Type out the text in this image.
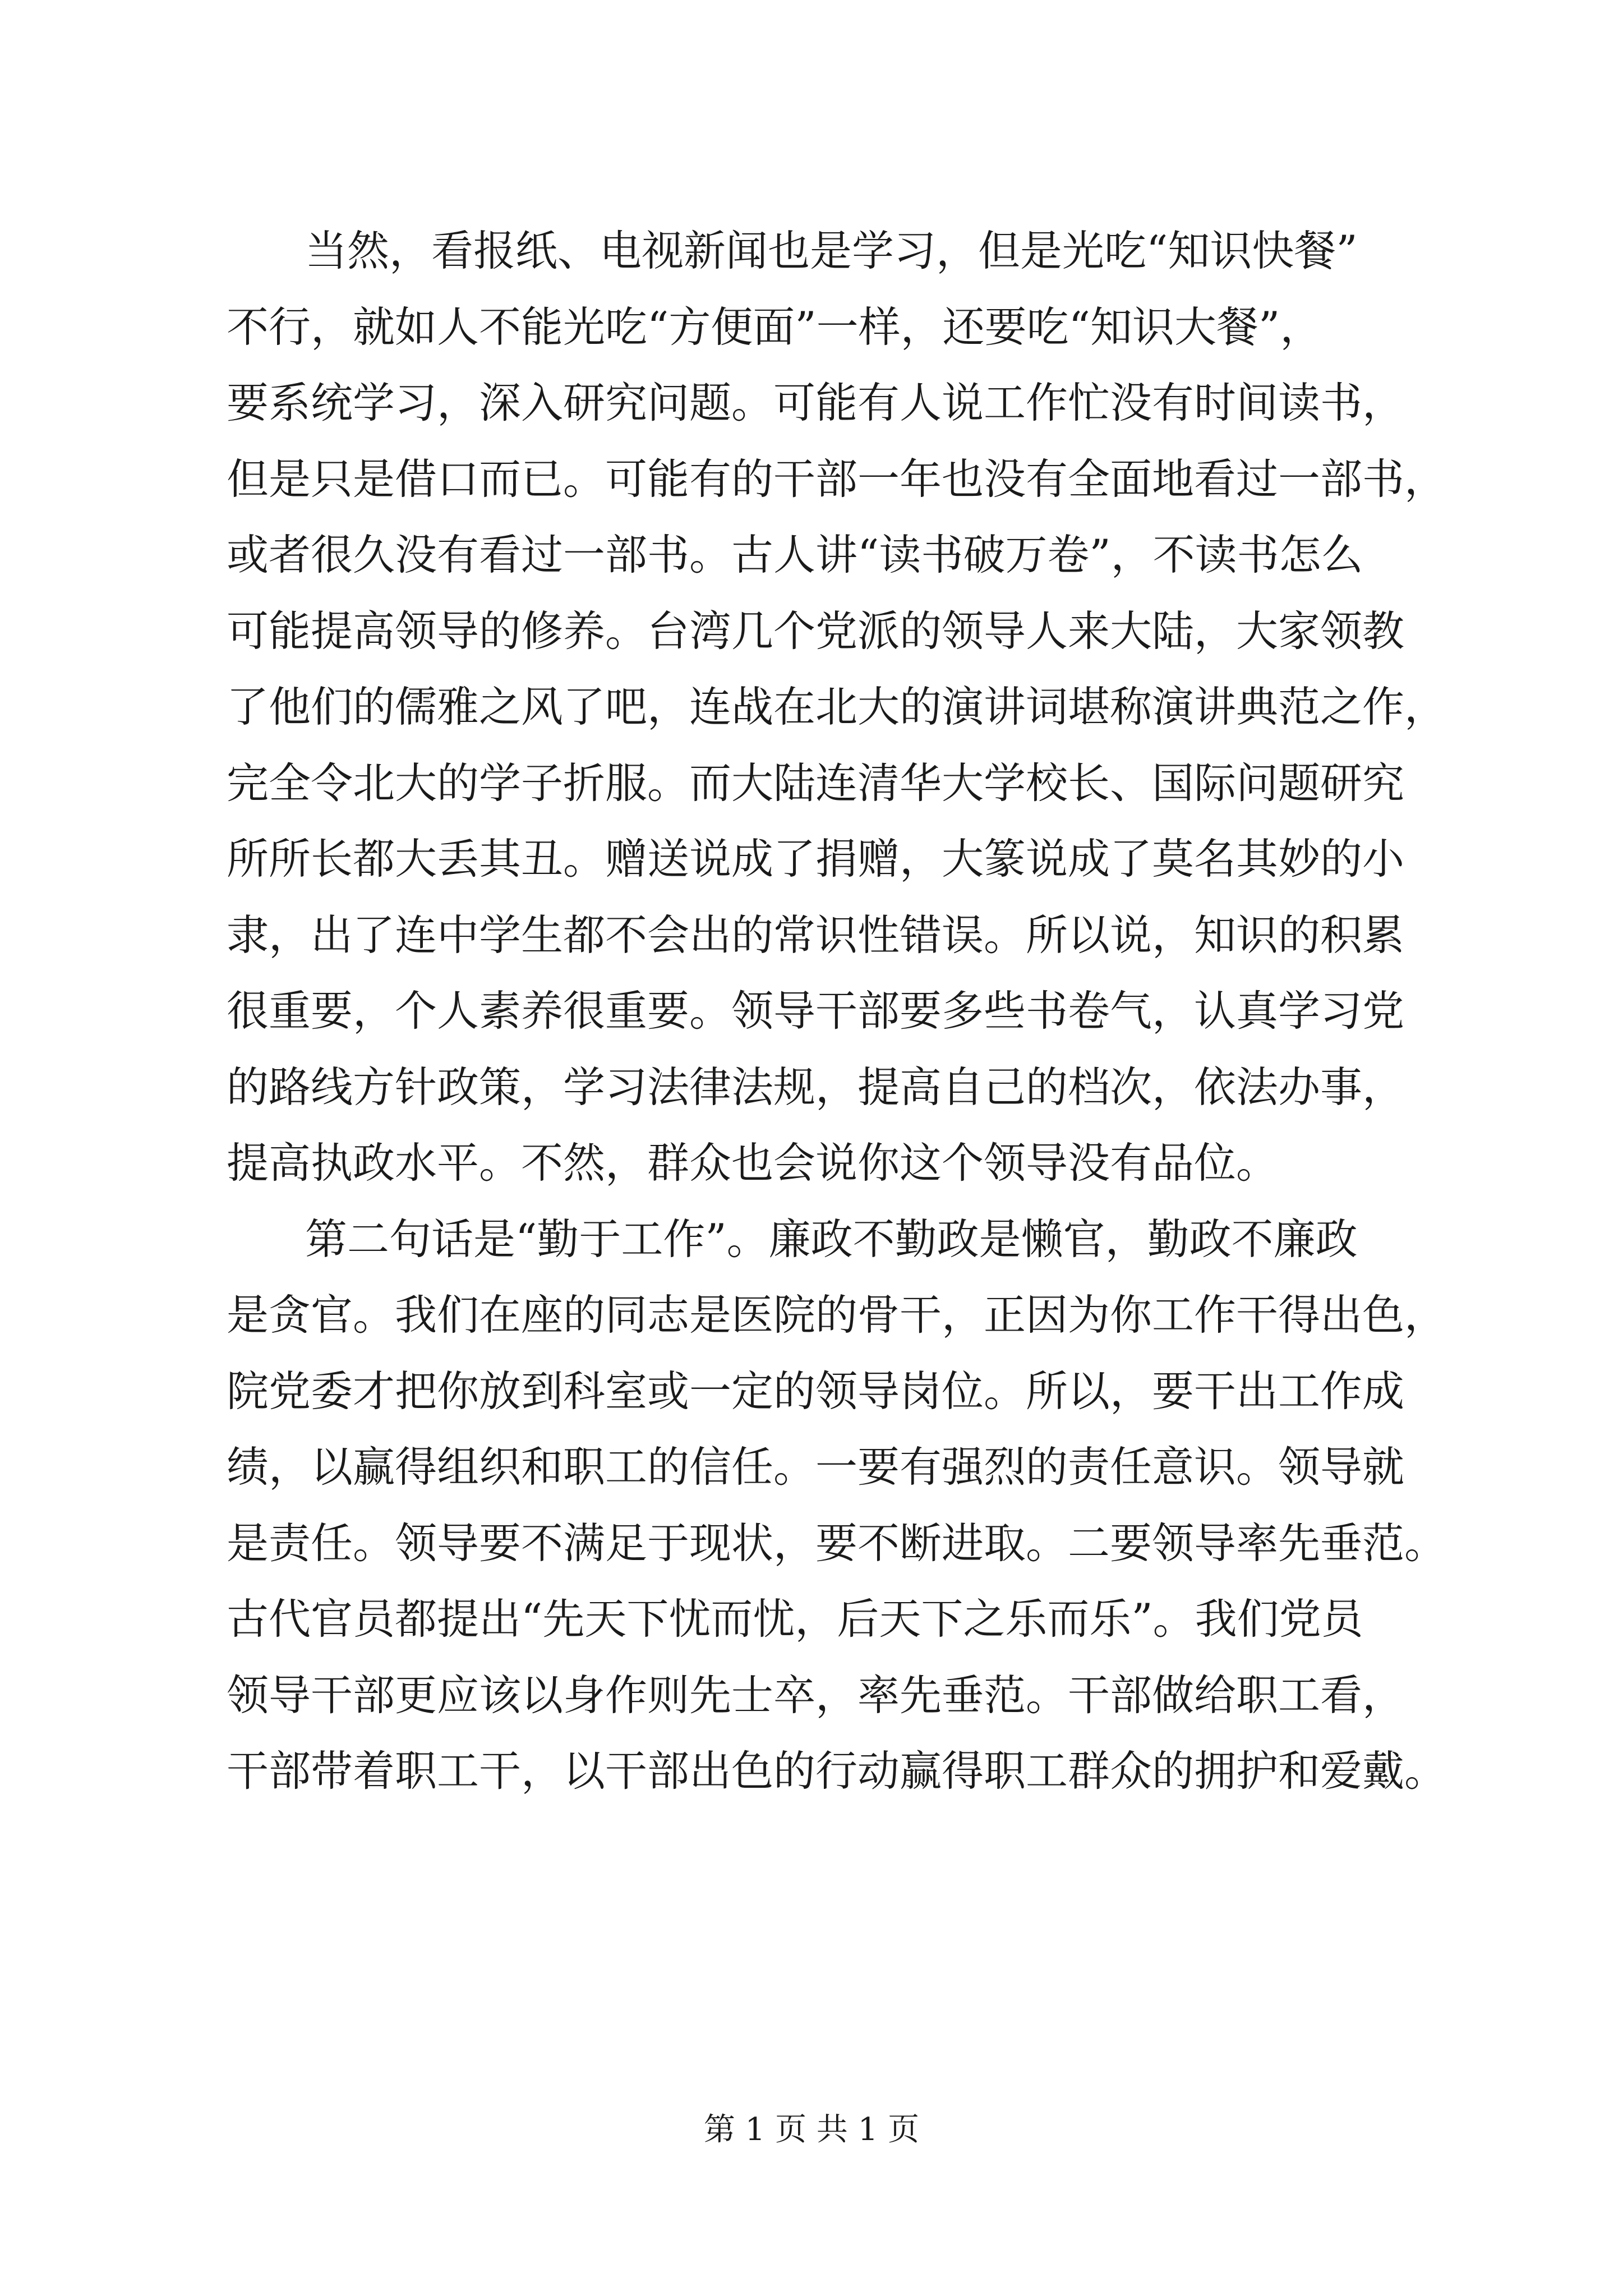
当然，看报纸、电视新闻也是学习，但是光吃“知识快餐”
不行，就如人不能光吃“方便面”一样，还要吃“知识大餐”，
要系统学习，深入研究问题。可能有人说工作忙没有时间读书，
但是只是借口而已。可能有的干部一年也没有全面地看过一部书，
或者很久没有看过一部书。古人讲“读书破万卷”，不读书怎么
可能提高领导的修养。台湾几个党派的领导人来大陆，大家领教
了他们的儒雅之风了吧，连战在北大的演讲词堪称演讲典范之作，
完全令北大的学子折服。而大陆连清华大学校长、国际问题研究
所所长都大丢其丑。赠送说成了捐赠，大篆说成了莫名其妙的小
隶，出了连中学生都不会出的常识性错误。所以说，知识的积累
很重要，个人素养很重要。领导干部要多些书卷气，认真学习党
的路线方针政策，学习法律法规，提高自己的档次，依法办事，
提高执政水平。不然，群众也会说你这个领导没有品位。
第二句话是“勤于工作”。廉政不勤政是懒官，勤政不廉政
是贪官。我们在座的同志是医院的骨干，正因为你工作干得出色，
院党委才把你放到科室或一定的领导岗位。所以，要干出工作成
绩，以赢得组织和职工的信任。一要有强烈的责任意识。领导就
是责任。领导要不满足于现状，要不断进取。二要领导率先垂范。
古代官员都提出“先天下忧而忧，后天下之乐而乐”。我们党员
领导干部更应该以身作则先士卒，率先垂范。干部做给职工看，
干部带着职工干，以干部出色的行动赢得职工群众的拥护和爱戴。
第 1 页 共 1 页
